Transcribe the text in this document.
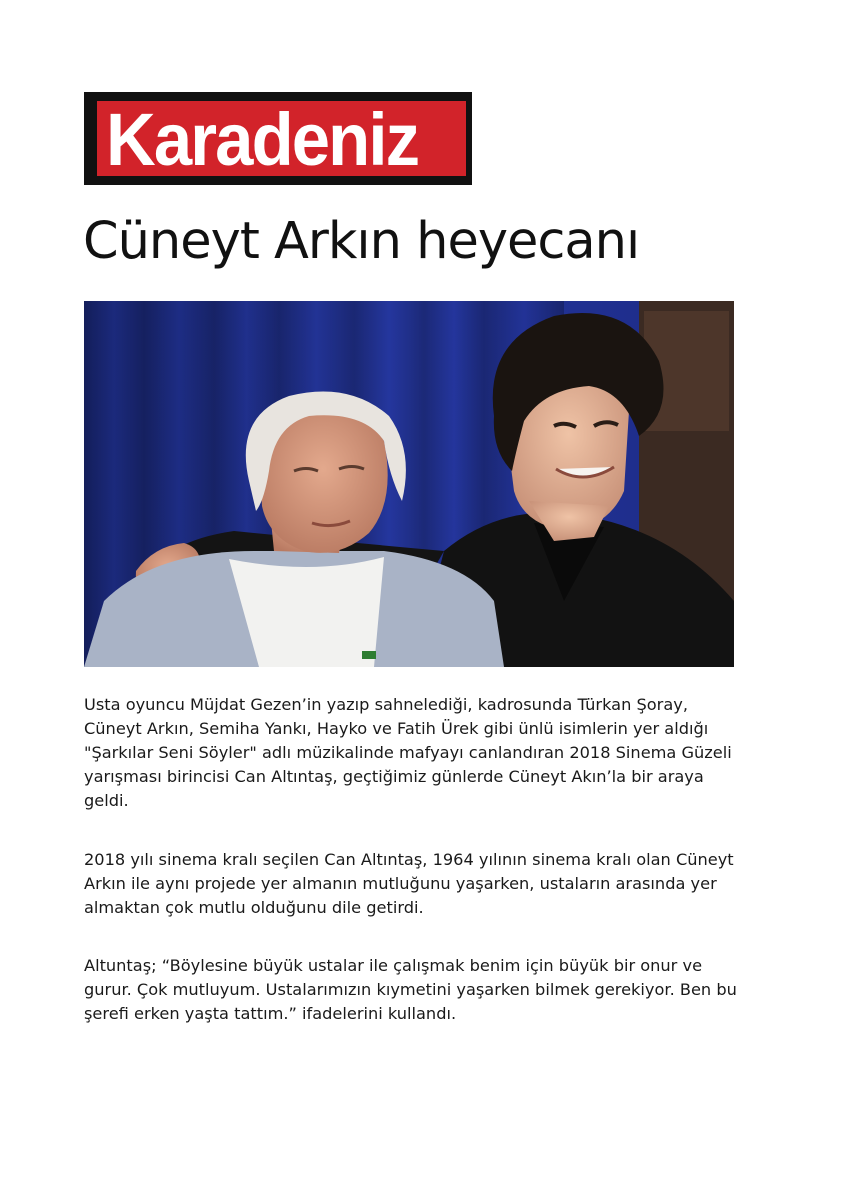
Karadeniz
Cüneyt Arkın heyecanı

Usta oyuncu Müjdat Gezen’in yazıp sahnelediği, kadrosunda Türkan Şoray,
Cüneyt Arkın, Semiha Yankı, Hayko ve Fatih Ürek gibi ünlü isimlerin yer aldığı
"Şarkılar Seni Söyler" adlı müzikalinde mafyayı canlandıran 2018 Sinema Güzeli
yarışması birincisi Can Altıntaş, geçtiğimiz günlerde Cüneyt Akın’la bir araya
geldi.

2018 yılı sinema kralı seçilen Can Altıntaş, 1964 yılının sinema kralı olan Cüneyt
Arkın ile aynı projede yer almanın mutluğunu yaşarken, ustaların arasında yer
almaktan çok mutlu olduğunu dile getirdi.

Altuntaş; “Böylesine büyük ustalar ile çalışmak benim için büyük bir onur ve
gurur. Çok mutluyum. Ustalarımızın kıymetini yaşarken bilmek gerekiyor. Ben bu
şerefi erken yaşta tattım.” ifadelerini kullandı.
